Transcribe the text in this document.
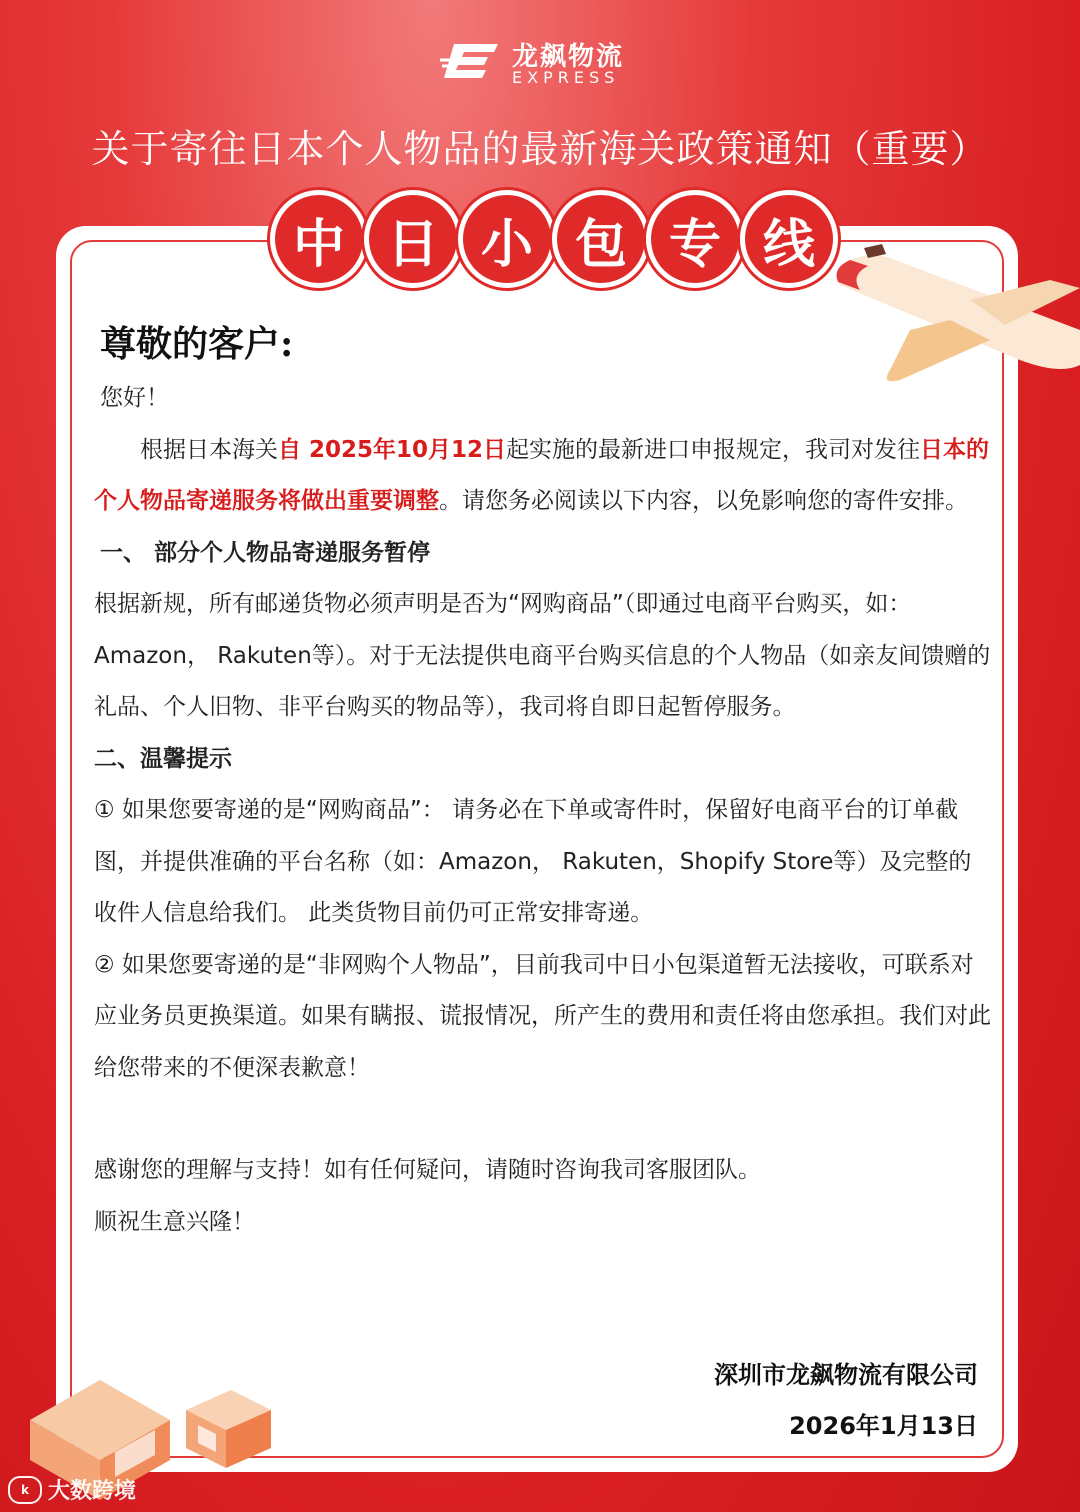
龙飙物流
EXPRESS
关于寄往日本个人物品的最新海关政策通知（重要）
中 日 小 包 专 线
尊敬的客户:

您好！

根据日本海关自 2025年10月12日起实施的最新进口申报规定，我司对发往日本的个人物品寄递服务将做出重要调整。请您务必阅读以下内容，以免影响您的寄件安排。

一、 部分个人物品寄递服务暂停

根据新规，所有邮递货物必须声明是否为“网购商品”（即通过电商平台购买，如：Amazon， Rakuten等）。对于无法提供电商平台购买信息的个人物品（如亲友间馈赠的礼品、个人旧物、非平台购买的物品等），我司将自即日起暂停服务。

二、温馨提示

① 如果您要寄递的是“网购商品”： 请务必在下单或寄件时，保留好电商平台的订单截图，并提供准确的平台名称（如：Amazon， Rakuten，Shopify Store等）及完整的收件人信息给我们。 此类货物目前仍可正常安排寄递。

② 如果您要寄递的是“非网购个人物品”，目前我司中日小包渠道暂无法接收，可联系对应业务员更换渠道。如果有瞒报、谎报情况，所产生的费用和责任将由您承担。我们对此给您带来的不便深表歉意！

感谢您的理解与支持！如有任何疑问，请随时咨询我司客服团队。

顺祝生意兴隆！

深圳市龙飙物流有限公司
2026年1月13日
k 大数跨境
